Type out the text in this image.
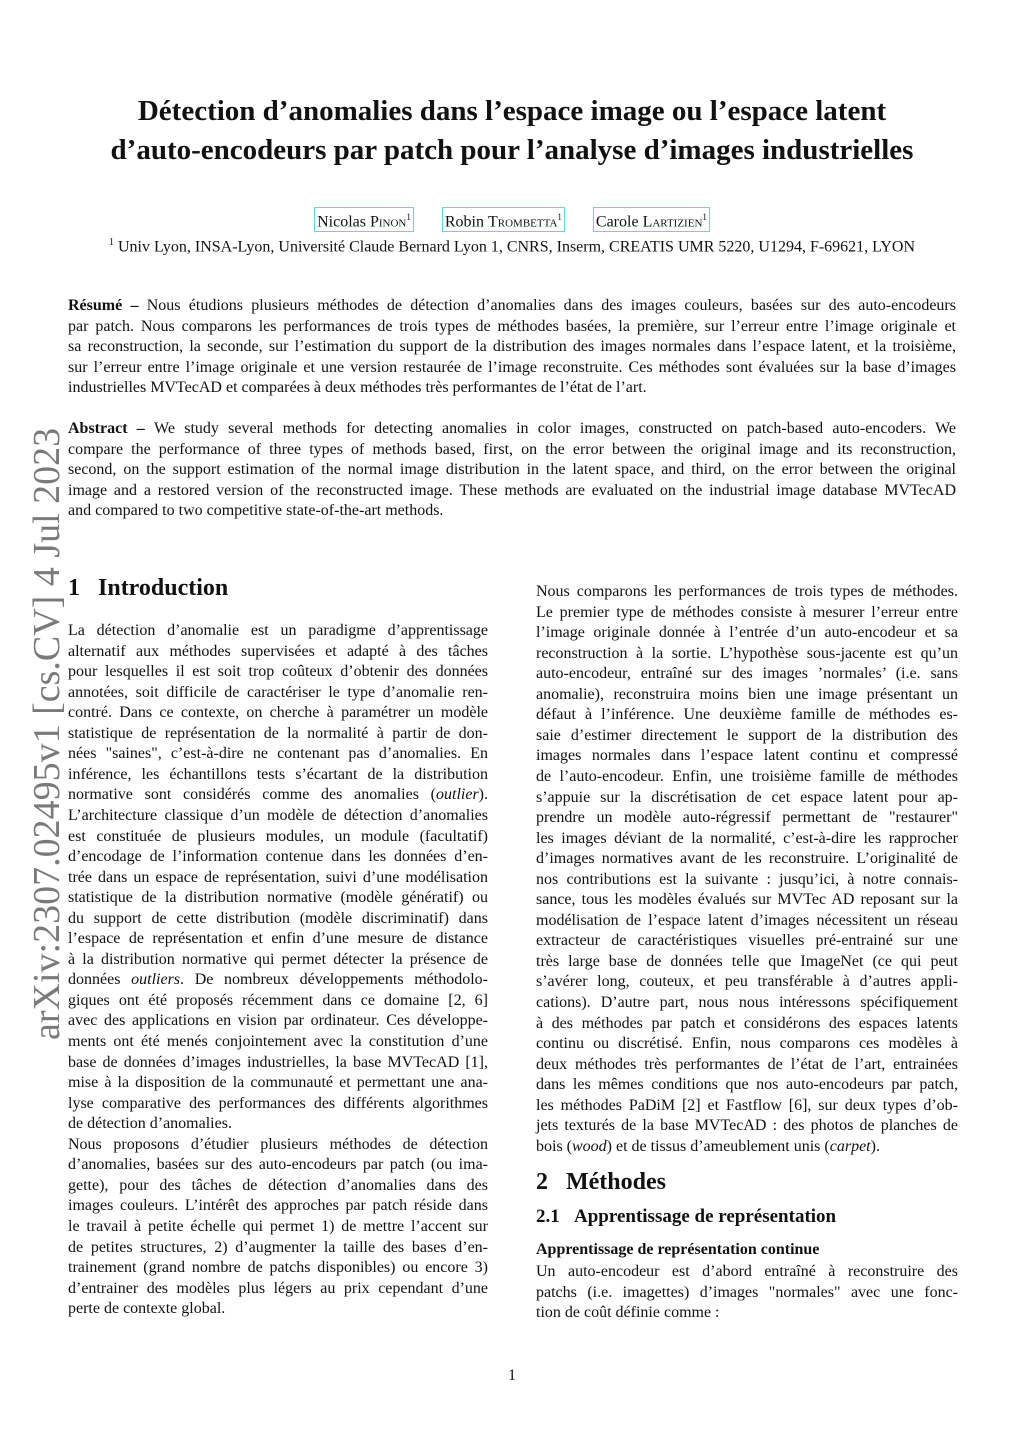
Détection d’anomalies dans l’espace image ou l’espace latent
d’auto-encodeurs par patch pour l’analyse d’images industrielles
Nicolas Pinon$^1$ Robin Trombetta$^1$ Carole Lartizien$^1$
$^1$ Univ Lyon, INSA-Lyon, Université Claude Bernard Lyon 1, CNRS, Inserm, CREATIS UMR 5220, U1294, F-69621, LYON
arXiv:2307.02495v1 [cs.CV] 4 Jul 2023
Résumé – Nous étudions plusieurs méthodes de détection d’anomalies dans des images couleurs, basées sur des auto-encodeurs
par patch. Nous comparons les performances de trois types de méthodes basées, la première, sur l’erreur entre l’image originale et
sa reconstruction, la seconde, sur l’estimation du support de la distribution des images normales dans l’espace latent, et la troisième,
sur l’erreur entre l’image originale et une version restaurée de l’image reconstruite. Ces méthodes sont évaluées sur la base d’images
industrielles MVTecAD et comparées à deux méthodes très performantes de l’état de l’art.
Abstract – We study several methods for detecting anomalies in color images, constructed on patch-based auto-encoders. We
compare the performance of three types of methods based, first, on the error between the original image and its reconstruction,
second, on the support estimation of the normal image distribution in the latent space, and third, on the error between the original
image and a restored version of the reconstructed image. These methods are evaluated on the industrial image database MVTecAD
and compared to two competitive state-of-the-art methods.
1 Introduction
La détection d’anomalie est un paradigme d’apprentissage
alternatif aux méthodes supervisées et adapté à des tâches
pour lesquelles il est soit trop coûteux d’obtenir des données
annotées, soit difficile de caractériser le type d’anomalie ren-
contré. Dans ce contexte, on cherche à paramétrer un modèle
statistique de représentation de la normalité à partir de don-
nées "saines", c’est-à-dire ne contenant pas d’anomalies. En
inférence, les échantillons tests s’écartant de la distribution
normative sont considérés comme des anomalies (outlier).
L’architecture classique d’un modèle de détection d’anomalies
est constituée de plusieurs modules, un module (facultatif)
d’encodage de l’information contenue dans les données d’en-
trée dans un espace de représentation, suivi d’une modélisation
statistique de la distribution normative (modèle génératif) ou
du support de cette distribution (modèle discriminatif) dans
l’espace de représentation et enfin d’une mesure de distance
à la distribution normative qui permet détecter la présence de
données outliers. De nombreux développements méthodolo-
giques ont été proposés récemment dans ce domaine [2, 6]
avec des applications en vision par ordinateur. Ces développe-
ments ont été menés conjointement avec la constitution d’une
base de données d’images industrielles, la base MVTecAD [1],
mise à la disposition de la communauté et permettant une ana-
lyse comparative des performances des différents algorithmes
de détection d’anomalies.
Nous proposons d’étudier plusieurs méthodes de détection
d’anomalies, basées sur des auto-encodeurs par patch (ou ima-
gette), pour des tâches de détection d’anomalies dans des
images couleurs. L’intérêt des approches par patch réside dans
le travail à petite échelle qui permet 1) de mettre l’accent sur
de petites structures, 2) d’augmenter la taille des bases d’en-
trainement (grand nombre de patchs disponibles) ou encore 3)
d’entrainer des modèles plus légers au prix cependant d’une
perte de contexte global.
Nous comparons les performances de trois types de méthodes.
Le premier type de méthodes consiste à mesurer l’erreur entre
l’image originale donnée à l’entrée d’un auto-encodeur et sa
reconstruction à la sortie. L’hypothèse sous-jacente est qu’un
auto-encodeur, entraîné sur des images ’normales’ (i.e. sans
anomalie), reconstruira moins bien une image présentant un
défaut à l’inférence. Une deuxième famille de méthodes es-
saie d’estimer directement le support de la distribution des
images normales dans l’espace latent continu et compressé
de l’auto-encodeur. Enfin, une troisième famille de méthodes
s’appuie sur la discrétisation de cet espace latent pour ap-
prendre un modèle auto-régressif permettant de "restaurer"
les images déviant de la normalité, c’est-à-dire les rapprocher
d’images normatives avant de les reconstruire. L’originalité de
nos contributions est la suivante : jusqu’ici, à notre connais-
sance, tous les modèles évalués sur MVTec AD reposant sur la
modélisation de l’espace latent d’images nécessitent un réseau
extracteur de caractéristiques visuelles pré-entrainé sur une
très large base de données telle que ImageNet (ce qui peut
s’avérer long, couteux, et peu transférable à d’autres appli-
cations). D’autre part, nous nous intéressons spécifiquement
à des méthodes par patch et considérons des espaces latents
continu ou discrétisé. Enfin, nous comparons ces modèles à
deux méthodes très performantes de l’état de l’art, entrainées
dans les mêmes conditions que nos auto-encodeurs par patch,
les méthodes PaDiM [2] et Fastflow [6], sur deux types d’ob-
jets texturés de la base MVTecAD : des photos de planches de
bois (wood) et de tissus d’ameublement unis (carpet).
2 Méthodes
2.1 Apprentissage de représentation
Apprentissage de représentation continue
Un auto-encodeur est d’abord entraîné à reconstruire des
patchs (i.e. imagettes) d’images "normales" avec une fonc-
tion de coût définie comme :
1
